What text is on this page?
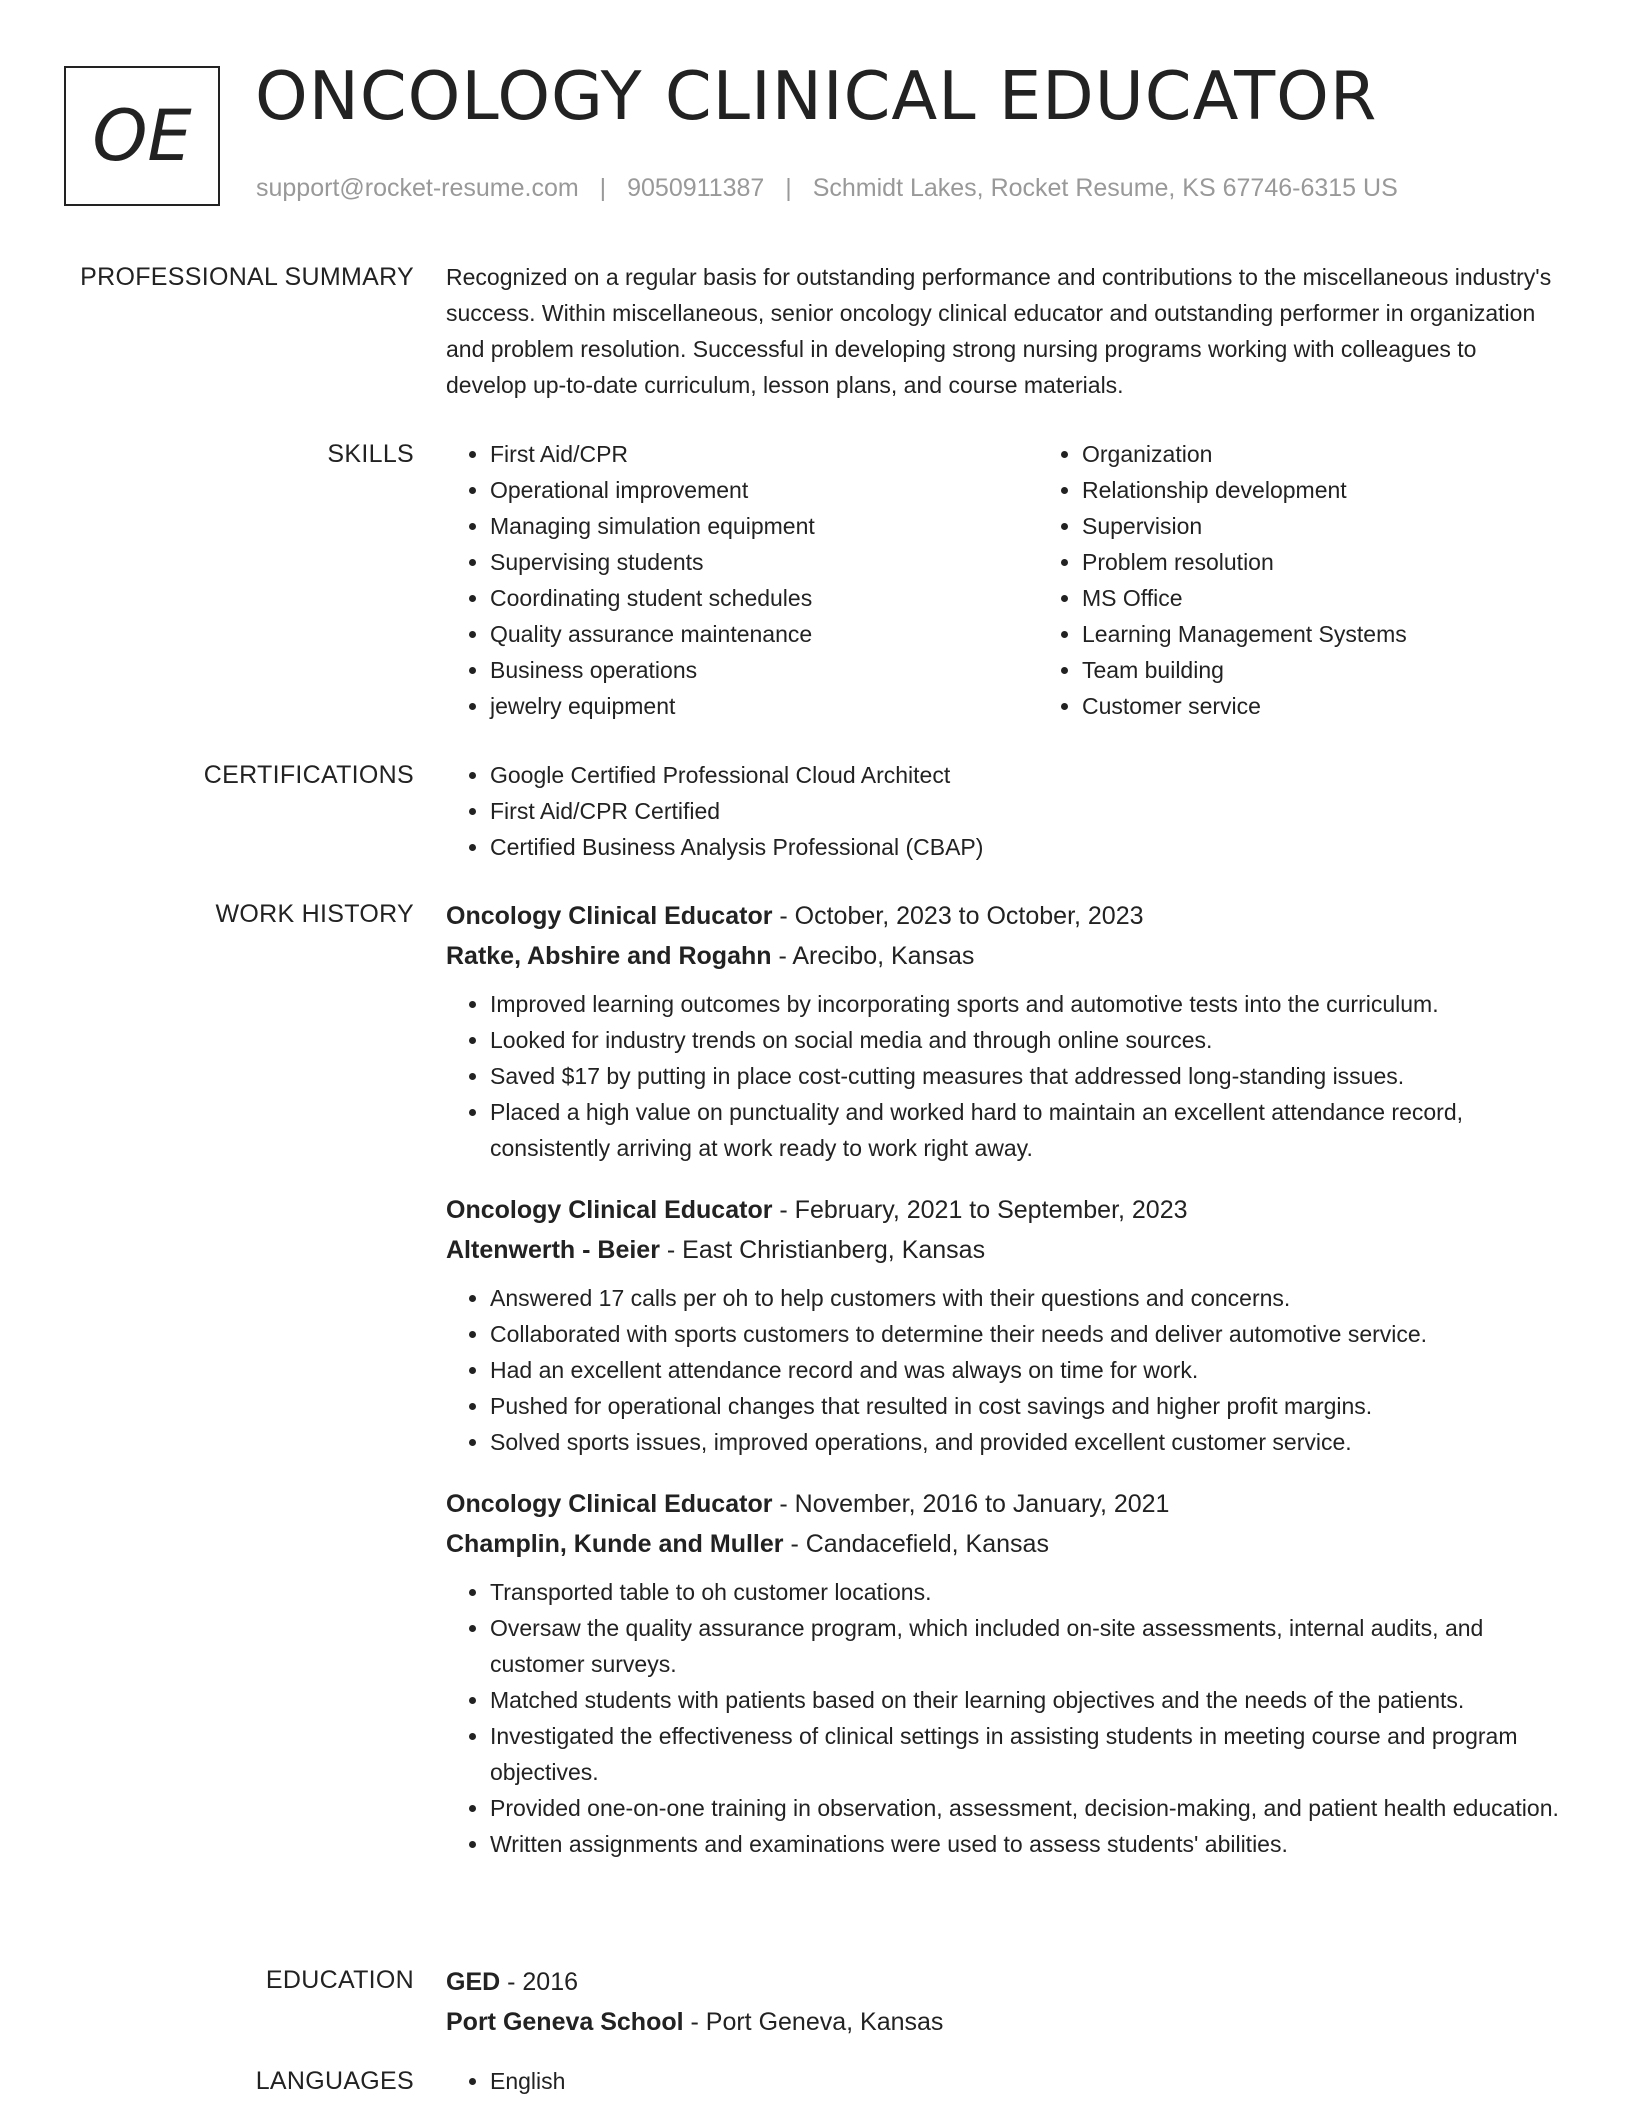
OE ONCOLOGY CLINICAL EDUCATOR
support@rocket-resume.com | 9050911387 | Schmidt Lakes, Rocket Resume, KS 67746-6315 US
PROFESSIONAL SUMMARY Recognized on a regular basis for outstanding performance and contributions to the miscellaneous industry's success. Within miscellaneous, senior oncology clinical educator and outstanding performer in organization and problem resolution. Successful in developing strong nursing programs working with colleagues to develop up-to-date curriculum, lesson plans, and course materials.

SKILLS	• First Aid/CPR
• Operational improvement
• Managing simulation equipment
• Supervising students
• Coordinating student schedules
• Quality assurance maintenance
• Business operations
• jewelry equipment
• Organization
• Relationship development
• Supervision
• Problem resolution
• MS Office
• Learning Management Systems
• Team building
• Customer service
CERTIFICATIONS	• Google Certified Professional Cloud Architect
• First Aid/CPR Certified
• Certified Business Analysis Professional (CBAP)
WORK HISTORY Oncology Clinical Educator - October, 2023 to October, 2023

Ratke, Abshire and Rogahn - Arecibo, Kansas

• Improved learning outcomes by incorporating sports and automotive tests into the curriculum.
• Looked for industry trends on social media and through online sources.
• Saved $17 by putting in place cost-cutting measures that addressed long-standing issues.
• Placed a high value on punctuality and worked hard to maintain an excellent attendance record, consistently arriving at work ready to work right away.

Oncology Clinical Educator - February, 2021 to September, 2023

Altenwerth - Beier - East Christianberg, Kansas

• Answered 17 calls per oh to help customers with their questions and concerns.
• Collaborated with sports customers to determine their needs and deliver automotive service.
• Had an excellent attendance record and was always on time for work.
• Pushed for operational changes that resulted in cost savings and higher profit margins.
• Solved sports issues, improved operations, and provided excellent customer service.

Oncology Clinical Educator - November, 2016 to January, 2021

Champlin, Kunde and Muller - Candacefield, Kansas

• Transported table to oh customer locations.
• Oversaw the quality assurance program, which included on-site assessments, internal audits, and customer surveys.
• Matched students with patients based on their learning objectives and the needs of the patients.
• Investigated the effectiveness of clinical settings in assisting students in meeting course and program objectives.
• Provided one-on-one training in observation, assessment, decision-making, and patient health education.
• Written assignments and examinations were used to assess students' abilities.
EDUCATION GED - 2016

Port Geneva School - Port Geneva, Kansas

LANGUAGES	• English
